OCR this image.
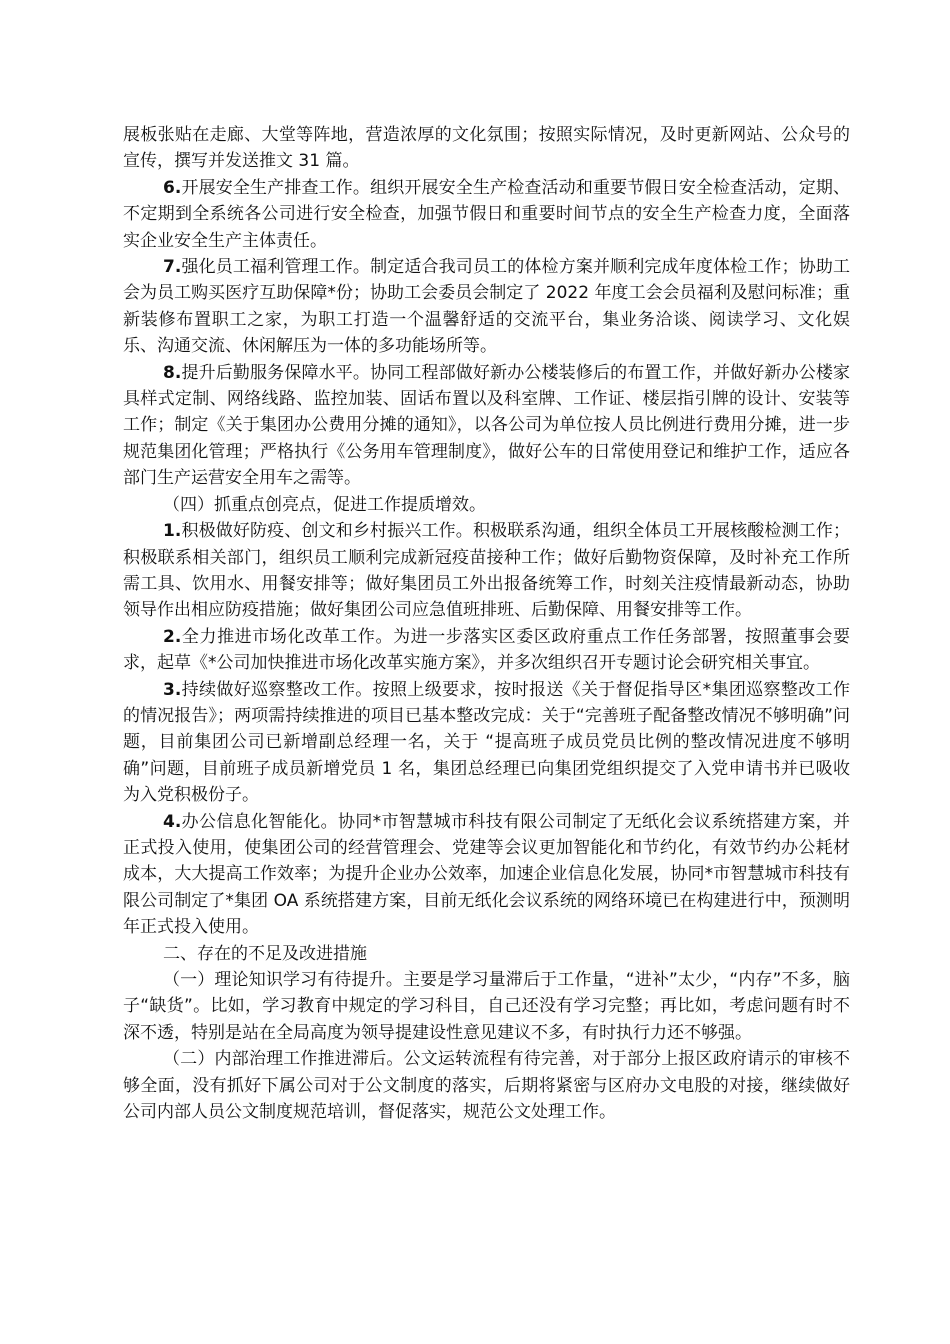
展板张贴在走廊、大堂等阵地，营造浓厚的文化氛围；按照实际情况，及时更新网站、公众号的宣传，撰写并发送推文 31 篇。

6.开展安全生产排查工作。组织开展安全生产检查活动和重要节假日安全检查活动，定期、不定期到全系统各公司进行安全检查，加强节假日和重要时间节点的安全生产检查力度，全面落实企业安全生产主体责任。

7.强化员工福利管理工作。制定适合我司员工的体检方案并顺利完成年度体检工作；协助工会为员工购买医疗互助保障*份；协助工会委员会制定了 2022 年度工会会员福利及慰问标准；重新装修布置职工之家，为职工打造一个温馨舒适的交流平台，集业务洽谈、阅读学习、文化娱乐、沟通交流、休闲解压为一体的多功能场所等。

8.提升后勤服务保障水平。协同工程部做好新办公楼装修后的布置工作，并做好新办公楼家具样式定制、网络线路、监控加装、固话布置以及科室牌、工作证、楼层指引牌的设计、安装等工作；制定《关于集团办公费用分摊的通知》，以各公司为单位按人员比例进行费用分摊，进一步规范集团化管理；严格执行《公务用车管理制度》，做好公车的日常使用登记和维护工作，适应各部门生产运营安全用车之需等。

（四）抓重点创亮点，促进工作提质增效。

1.积极做好防疫、创文和乡村振兴工作。积极联系沟通，组织全体员工开展核酸检测工作；积极联系相关部门，组织员工顺利完成新冠疫苗接种工作；做好后勤物资保障，及时补充工作所需工具、饮用水、用餐安排等；做好集团员工外出报备统筹工作，时刻关注疫情最新动态，协助领导作出相应防疫措施；做好集团公司应急值班排班、后勤保障、用餐安排等工作。

2.全力推进市场化改革工作。为进一步落实区委区政府重点工作任务部署，按照董事会要求，起草《*公司加快推进市场化改革实施方案》，并多次组织召开专题讨论会研究相关事宜。

3.持续做好巡察整改工作。按照上级要求，按时报送《关于督促指导区*集团巡察整改工作的情况报告》；两项需持续推进的项目已基本整改完成：关于“完善班子配备整改情况不够明确”问题，目前集团公司已新增副总经理一名，关于 “提高班子成员党员比例的整改情况进度不够明确”问题，目前班子成员新增党员 1 名，集团总经理已向集团党组织提交了入党申请书并已吸收为入党积极份子。

4.办公信息化智能化。协同*市智慧城市科技有限公司制定了无纸化会议系统搭建方案，并正式投入使用，使集团公司的经营管理会、党建等会议更加智能化和节约化，有效节约办公耗材成本，大大提高工作效率；为提升企业办公效率，加速企业信息化发展，协同*市智慧城市科技有限公司制定了*集团 OA 系统搭建方案，目前无纸化会议系统的网络环境已在构建进行中，预测明年正式投入使用。

二、存在的不足及改进措施

（一）理论知识学习有待提升。主要是学习量滞后于工作量，“进补”太少，“内存”不多，脑子“缺货”。比如，学习教育中规定的学习科目，自己还没有学习完整；再比如，考虑问题有时不深不透，特别是站在全局高度为领导提建设性意见建议不多，有时执行力还不够强。

（二）内部治理工作推进滞后。公文运转流程有待完善，对于部分上报区政府请示的审核不够全面，没有抓好下属公司对于公文制度的落实，后期将紧密与区府办文电股的对接，继续做好公司内部人员公文制度规范培训，督促落实，规范公文处理工作。
